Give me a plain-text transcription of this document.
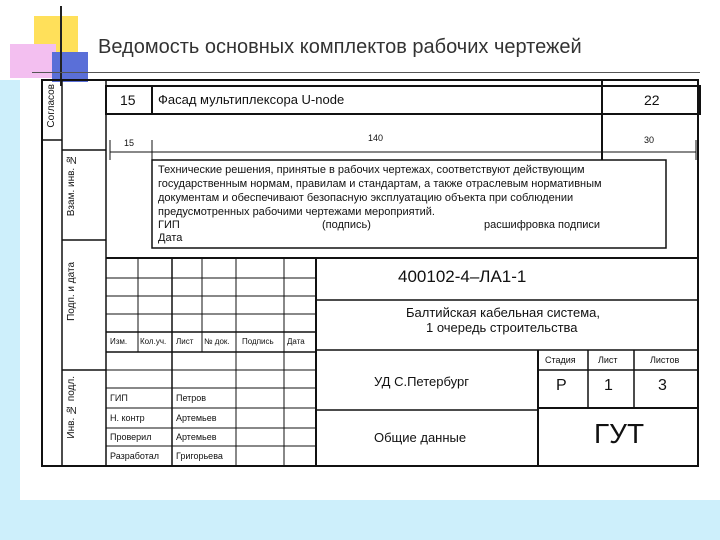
Ведомость основных комплектов рабочих чертежей
Согласов
Взам. инв. №
Подп. и дата
Инв. № подл.
15 Фасад мультиплексора U-node	22
15	140	30
Технические решения, принятые в рабочих чертежах, соответствуют действующим
государственным нормам, правилам и стандартам, а также отраслевым нормативным
документам и обеспечивают безопасную эксплуатацию объекта при соблюдении
предусмотренных рабочими чертежами мероприятий.
ГИП	(подпись)	расшифровка подписи
Дата
400102-4–ЛА1-1
Балтийская кабельная система,
1 очередь строительства
УД С.Петербург
Общие данные	ГУТ
Стадия Лист	Листов
Р 1	3
Изм. Кол.уч. Лист № док. Подпись Дата
ГИП	Петров
Н. контр	Артемьев
Проверил	Артемьев
Разработал Григорьева
